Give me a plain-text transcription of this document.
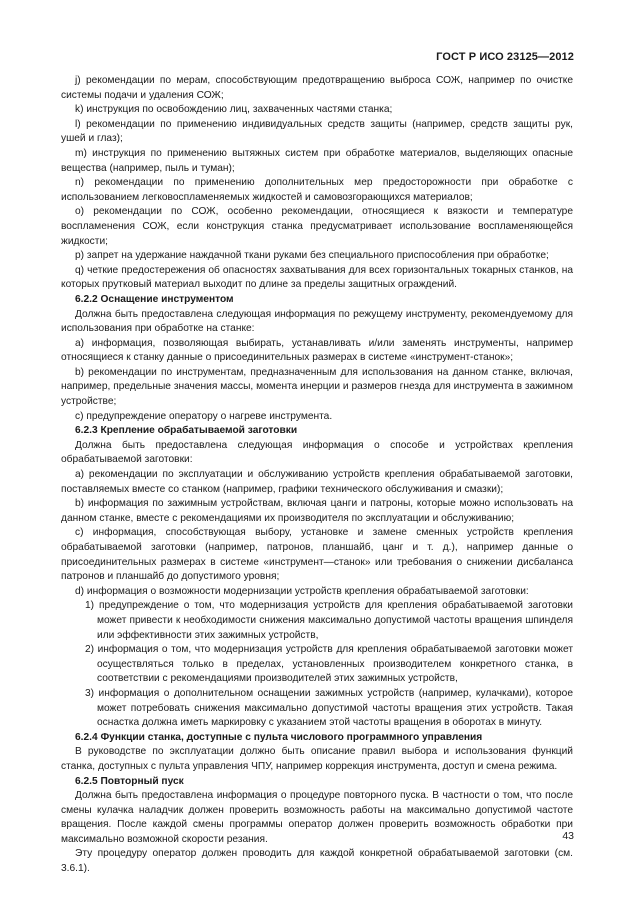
ГОСТ Р ИСО 23125—2012

j) рекомендации по мерам, способствующим предотвращению выброса СОЖ, например по очистке системы подачи и удаления СОЖ;

k) инструкция по освобождению лиц, захваченных частями станка;

l) рекомендации по применению индивидуальных средств защиты (например, средств защиты рук, ушей и глаз);

m) инструкция по применению вытяжных систем при обработке материалов, выделяющих опасные вещества (например, пыль и туман);

n) рекомендации по применению дополнительных мер предосторожности при обработке с использованием легковоспламеняемых жидкостей и самовозгорающихся материалов;

o) рекомендации по СОЖ, особенно рекомендации, относящиеся к вязкости и температуре воспламенения СОЖ, если конструкция станка предусматривает использование воспламеняющейся жидкости;

p) запрет на удержание наждачной ткани руками без специального приспособления при обработке;

q) четкие предостережения об опасностях захватывания для всех горизонтальных токарных станков, на которых прутковый материал выходит по длине за пределы защитных ограждений.

6.2.2 Оснащение инструментом

Должна быть предоставлена следующая информация по режущему инструменту, рекомендуемому для использования при обработке на станке:

a) информация, позволяющая выбирать, устанавливать и/или заменять инструменты, например относящиеся к станку данные о присоединительных размерах в системе «инструмент-станок»;

b) рекомендации по инструментам, предназначенным для использования на данном станке, включая, например, предельные значения массы, момента инерции и размеров гнезда для инструмента в зажимном устройстве;

c) предупреждение оператору о нагреве инструмента.

6.2.3 Крепление обрабатываемой заготовки

Должна быть предоставлена следующая информация о способе и устройствах крепления обрабатываемой заготовки:

a) рекомендации по эксплуатации и обслуживанию устройств крепления обрабатываемой заготовки, поставляемых вместе со станком (например, графики технического обслуживания и смазки);

b) информация по зажимным устройствам, включая цанги и патроны, которые можно использовать на данном станке, вместе с рекомендациями их производителя по эксплуатации и обслуживанию;

c) информация, способствующая выбору, установке и замене сменных устройств крепления обрабатываемой заготовки (например, патронов, планшайб, цанг и т. д.), например данные о присоединительных размерах в системе «инструмент—станок» или требования о снижении дисбаланса патронов и планшайб до допустимого уровня;

d) информация о возможности модернизации устройств крепления обрабатываемой заготовки:

1) предупреждение о том, что модернизация устройств для крепления обрабатываемой заготовки может привести к необходимости снижения максимально допустимой частоты вращения шпинделя или эффективности этих зажимных устройств,

2) информация о том, что модернизация устройств для крепления обрабатываемой заготовки может осуществляться только в пределах, установленных производителем конкретного станка, в соответствии с рекомендациями производителей этих зажимных устройств,

3) информация о дополнительном оснащении зажимных устройств (например, кулачками), которое может потребовать снижения максимально допустимой частоты вращения этих устройств. Такая оснастка должна иметь маркировку с указанием этой частоты вращения в оборотах в минуту.

6.2.4 Функции станка, доступные с пульта числового программного управления

В руководстве по эксплуатации должно быть описание правил выбора и использования функций станка, доступных с пульта управления ЧПУ, например коррекция инструмента, доступ и смена режима.

6.2.5 Повторный пуск

Должна быть предоставлена информация о процедуре повторного пуска. В частности о том, что после смены кулачка наладчик должен проверить возможность работы на максимально допустимой частоте вращения. После каждой смены программы оператор должен проверить возможность обработки при максимально возможной скорости резания.

Эту процедуру оператор должен проводить для каждой конкретной обрабатываемой заготовки (см. 3.6.1).

43
